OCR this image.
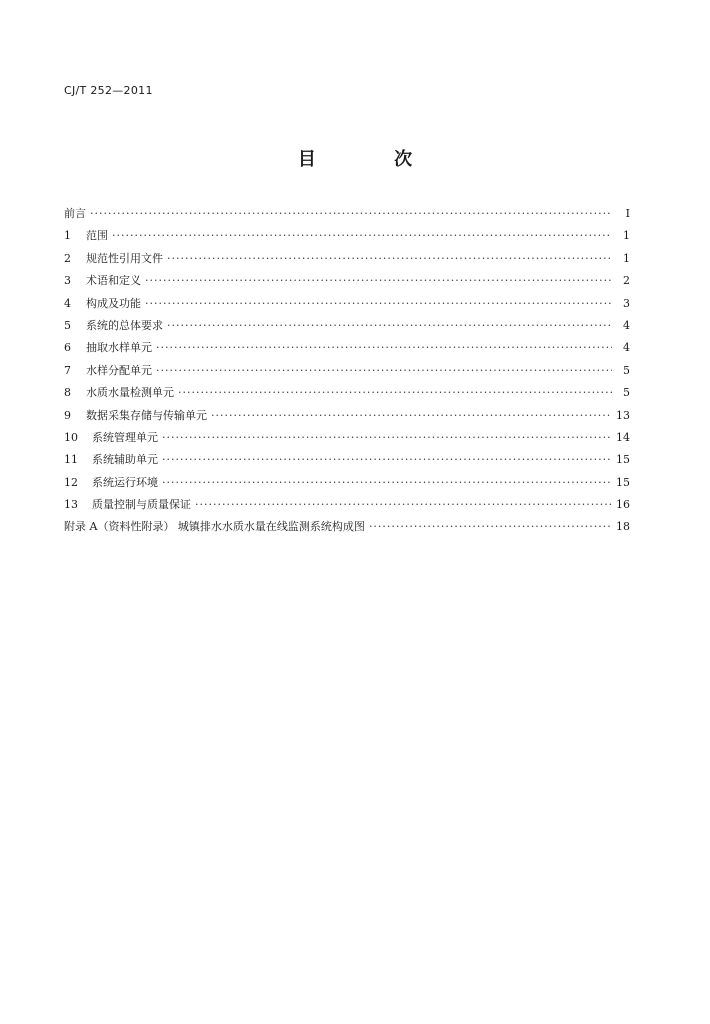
CJ/T 252—2011
目 次
前言 ·····	Ⅰ
1	范围 ·····	1
2	规范性引用文件 ·····	1
3	术语和定义 ·····	2
4	构成及功能 ·····	3
5	系统的总体要求 ·····	4
6	抽取水样单元 ·····	4
7	水样分配单元 ·····	5
8	水质水量检测单元 ·····	5
9	数据采集存储与传输单元 ·····	13
10	系统管理单元 ·····	14
11	系统辅助单元 ·····	15
12	系统运行环境 ·····	15
13	质量控制与质量保证 ·····	16
附录 A（资料性附录） 城镇排水水质水量在线监测系统构成图 ·····	18
